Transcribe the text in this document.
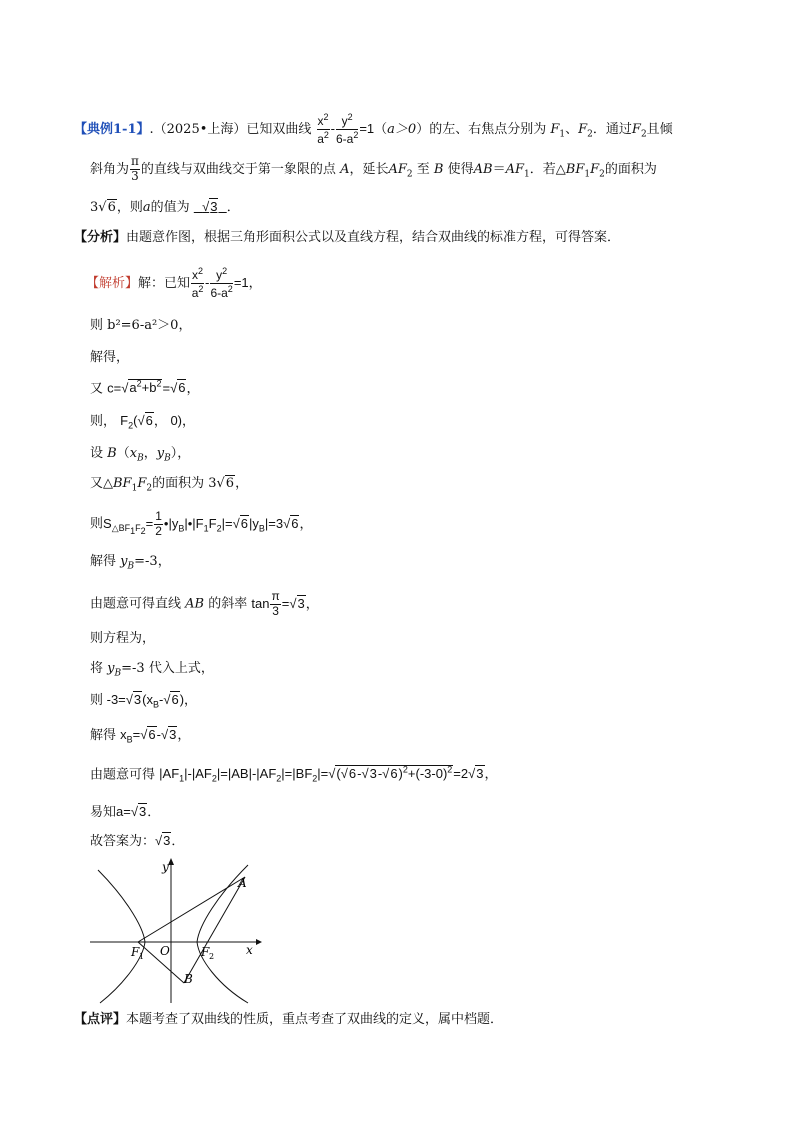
【典例1-1】.（2025•上海）已知双曲线 $\frac{x^2}{a^2} - \frac{y^2}{6-a^2} =1(a>0)$的左、右焦点分别为 $F_1$、$F_2$．通过$F_2$且倾
斜角为 $\frac{\pi}{3}$ 的直线与双曲线交于第一象限的点 A，延长$AF_2$ 至 B 使得$AB=AF_1$．若$\triangle BF_1F_2$的面积为
3√6，则a的值为 √3 ．
【分析】由题意作图，根据三角形面积公式以及直线方程，结合双曲线的标准方程，可得答案．
【解析】解：已知 $\frac{x^2}{a^2} - \frac{y^2}{6-a^2} =1$，
则 b²=6-a²＞0，
解得，
又 $c=√a^2+b^2=√6$，
则， $F_2(√6$， 0)，
设 $B(x_B$，$y_B$），
又$\triangle BF_1F_2$的面积为 3√6，
则$S_{\triangle BF_1F_2}= \frac{1}{2}$ $•|y_B|•|F_1F_2|=√6|y_B|=3√6$，
解得 $y_B=-3$，
由题意可得直线 AB 的斜率 $\tan \frac{\pi}{3} =√3$，
则方程为，
将 $y_B=-3$ 代入上式，
则 $-3=√3(x_B-√6)$，
解得 $x_B=√6-√3$，
由题意可得 $|AF_1|-|AF_2|=|AB|-|AF_2|=|BF_2|=√(√6-√3-√6)^2+(-3-0)^2=2√3$，
易知a=√3．
故答案为：√3．
y
x
A
B
O
F 1	F 2
【点评】本题考查了双曲线的性质，重点考查了双曲线的定义，属中档题．
